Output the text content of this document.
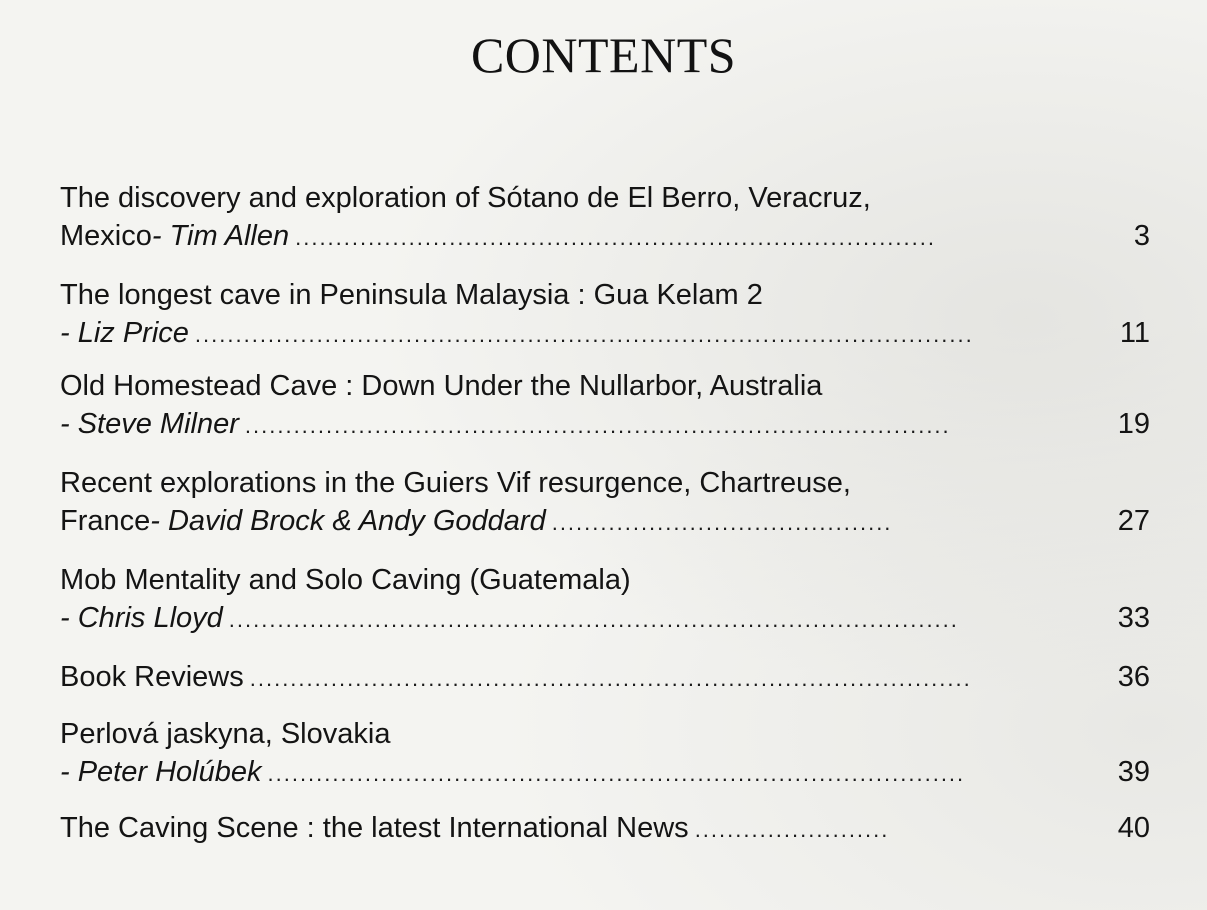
CONTENTS
The discovery and exploration of Sótano de El Berro, Veracruz,
Mexico - Tim Allen .....	3
The longest cave in Peninsula Malaysia : Gua Kelam 2
- Liz Price .....	11
Old Homestead Cave : Down Under the Nullarbor, Australia
- Steve Milner .....	19
Recent explorations in the Guiers Vif resurgence, Chartreuse,
France - David Brock & Andy Goddard .....	27
Mob Mentality and Solo Caving (Guatemala)
- Chris Lloyd .....	33
Book Reviews .....	36
Perlová jaskyna, Slovakia
- Peter Holúbek .....	39
The Caving Scene : the latest International News .....	40
